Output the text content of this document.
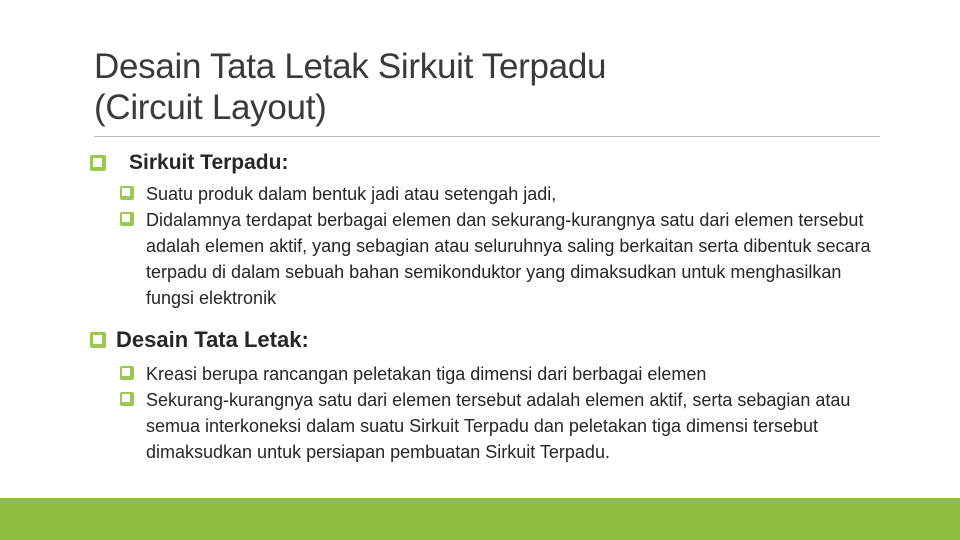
Desain Tata Letak Sirkuit Terpadu
(Circuit Layout)
Sirkuit Terpadu:
Suatu produk dalam bentuk jadi atau setengah jadi,
Didalamnya terdapat berbagai elemen dan sekurang-kurangnya satu dari elemen tersebut adalah elemen aktif, yang sebagian atau seluruhnya saling berkaitan serta dibentuk secara terpadu di dalam sebuah bahan semikonduktor yang dimaksudkan untuk menghasilkan fungsi elektronik
Desain Tata Letak:
Kreasi berupa rancangan peletakan tiga dimensi dari berbagai elemen
Sekurang-kurangnya satu dari elemen tersebut adalah elemen aktif, serta sebagian atau semua interkoneksi dalam suatu Sirkuit Terpadu dan peletakan tiga dimensi tersebut dimaksudkan untuk persiapan pembuatan Sirkuit Terpadu.
